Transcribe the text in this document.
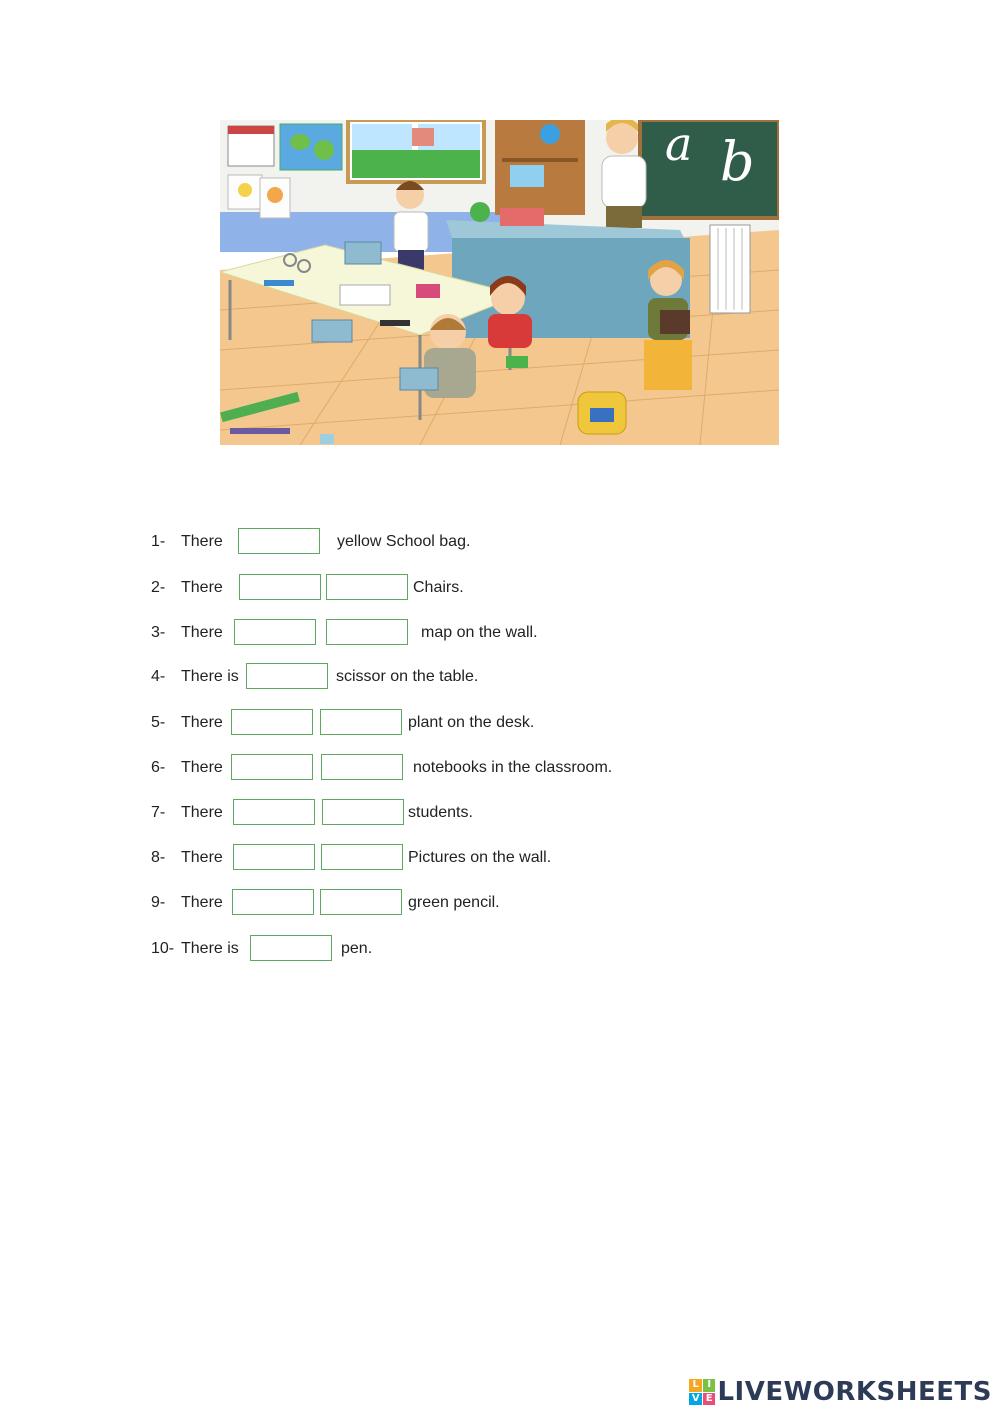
a b
1- There	yellow School bag.
2- There	Chairs.
3- There	map on the wall.
4- There is	scissor on the table.
5- There	plant on the desk.
6- There	notebooks in the classroom.
7- There	students.
8- There	Pictures on the wall.
9- There	green pencil.
10- There is	pen.
L I
V E LIVEWORKSHEETS
